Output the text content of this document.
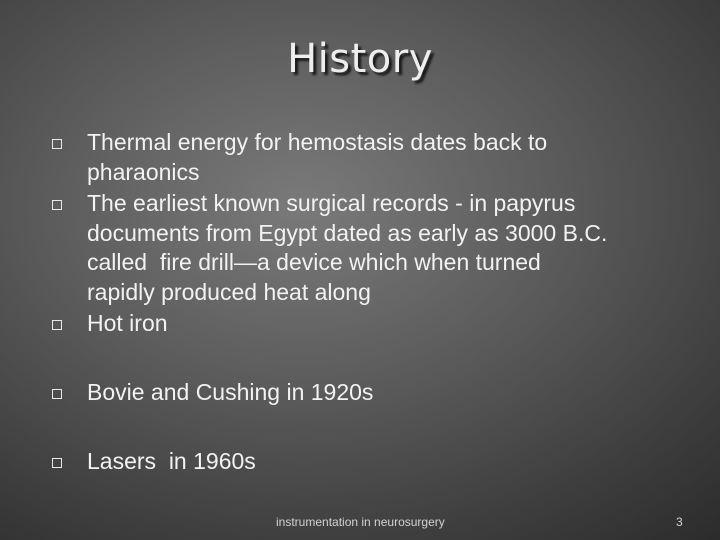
History
Thermal energy for hemostasis dates back to
pharaonics
The earliest known surgical records - in papyrus
documents from Egypt dated as early as 3000 B.C.
called  fire drill—a device which when turned
rapidly produced heat along
Hot iron
Bovie and Cushing in 1920s
Lasers  in 1960s
instrumentation in neurosurgery	3
